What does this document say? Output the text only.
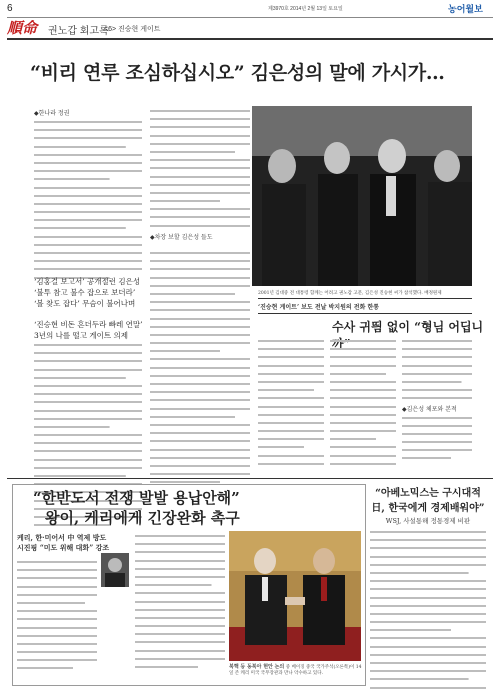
6	제3970호 2014년 2월 13일 토요일	농어월보
順命	권노갑 회고록
<6> 진승현 게이트
“비리 연루 조심하십시오” 김은성의 말에 가시가…
◆한나라 정권
‘김홍걸 보고서’ 공개절런 김은성
‘불투 참고 불수 잡으로 보더라’
‘볼 찾도 잡다’ 무슴이 불어나며
‘진승현 비돈 흔더두라 빠레 연말’
3년의 나를 떨고 게이트 의제
◆차장 보할 김은성 들도
2001년 김대중 전 대통령 함께는 어려고 권노갑 고문, 김은성 진승현 씨가 참석했다. 배정원제
‘진승현 게이트’ 보도 전날 박지원의 전화 한통
수사 귀띔 없이 “형님 어딥니
◆김은성 체포와 본적
“한반도서 전쟁 발발 용납안해”
왕이, 케리에게 긴장완화 촉구
케리, 한·미어서 中 역제 방도
시진핑 “미도 위해 대화” 강조
북핵 등 동북아 현안 논의 중 베이징 중국 국가주석(오른쪽)이 14일 존 케리 미국 국무장관과 만나 악수하고 있다.
“아베노믹스는 구시대적
日, 한국에게 경제배워야”
WSJ, 사설통해 정통경제 비판
